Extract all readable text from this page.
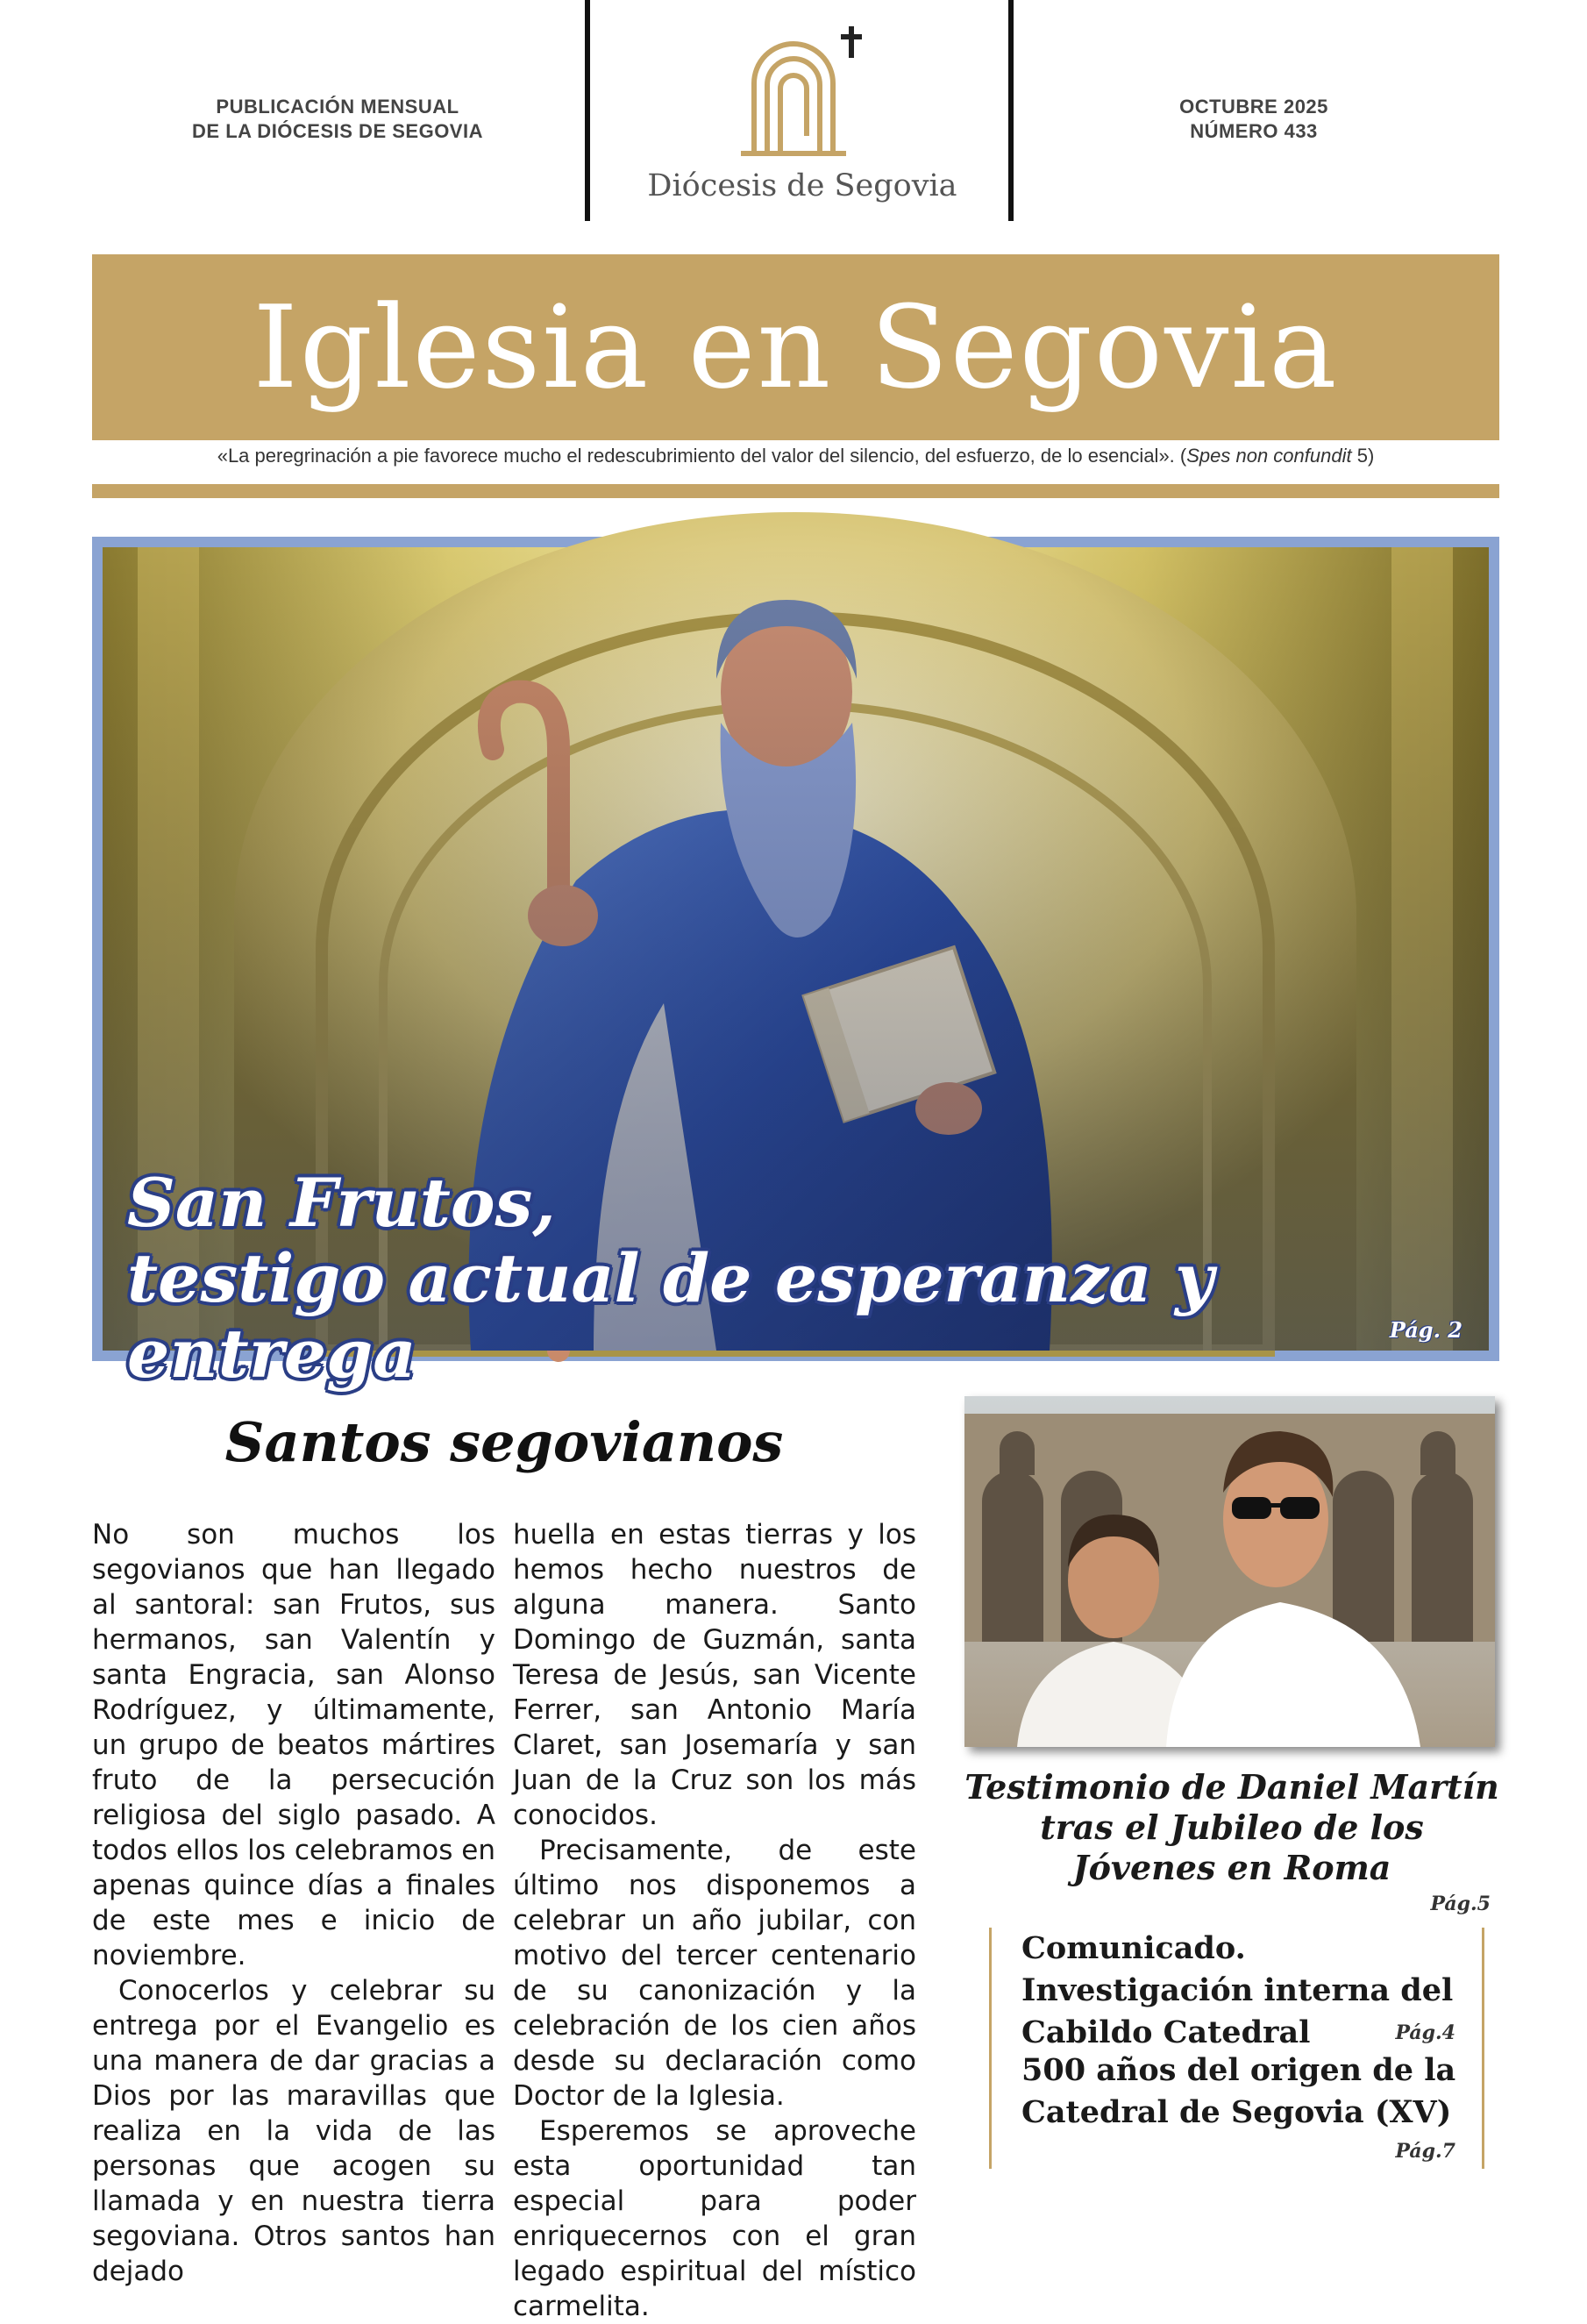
PUBLICACIÓN MENSUAL
DE LA DIÓCESIS DE SEGOVIA
Diócesis de Segovia
OCTUBRE 2025
NÚMERO 433
Iglesia en Segovia
«La peregrinación a pie favorece mucho el redescubrimiento del valor del silencio, del esfuerzo, de lo esencial». (Spes non confundit 5)
San Frutos,
testigo actual de esperanza y entrega	Pág. 2
Santos segovianos

No son muchos los segovianos que han llegado al santoral: san Frutos, sus hermanos, san Valentín y santa Engracia, san Alonso Rodríguez, y últimamente, un grupo de beatos mártires fruto de la persecución religiosa del siglo pasado. A todos ellos los celebramos en apenas quince días a finales de este mes e inicio de noviembre.

Conocerlos y celebrar su entrega por el Evangelio es una manera de dar gracias a Dios por las maravillas que realiza en la vida de las personas que acogen su llamada y en nuestra tierra segoviana. Otros santos han dejado

huella en estas tierras y los hemos hecho nuestros de alguna manera. Santo Domingo de Guzmán, santa Teresa de Jesús, san Vicente Ferrer, san Antonio María Claret, san Josemaría y san Juan de la Cruz son los más conocidos.

Precisamente, de este último nos disponemos a celebrar un año jubilar, con motivo del tercer centenario de su canonización y la celebración de los cien años desde su declaración como Doctor de la Iglesia.

Esperemos se aproveche esta oportunidad tan especial para poder enriquecernos con el gran legado espiritual del místico carmelita.

Testimonio de Daniel Martín tras el Jubileo de los Jóvenes en Roma
Pág.5
Comunicado. Investigación interna del Cabildo Catedral	Pág.4
500 años del origen de la Catedral de Segovia (XV)
Pág.7
